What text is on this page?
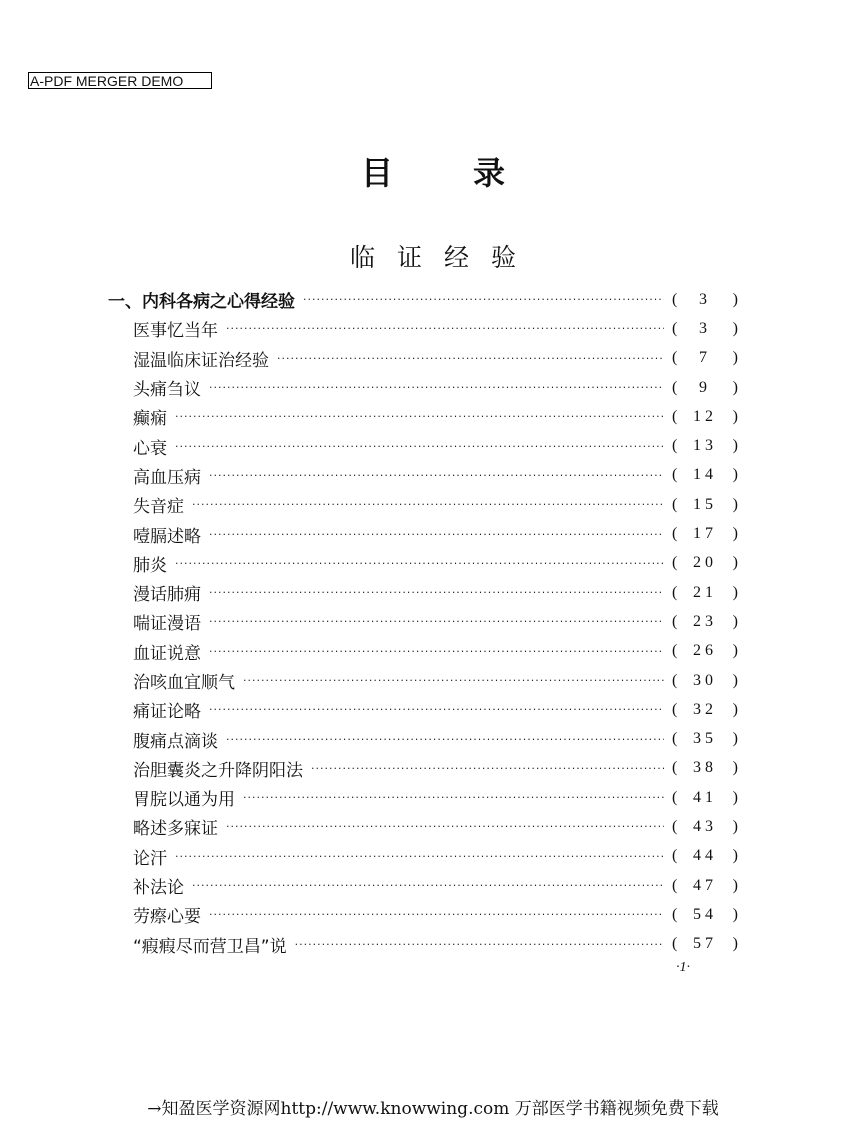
A-PDF MERGER DEMO
目录
临证经验
一、内科各病之心得经验 ·····	(	3	)
医事忆当年 ·····	(	3	)
湿温临床证治经验 ·····	(	7	)
头痛刍议 ·····	(	9	)
癫痫 ·····	( 12 )
心衰 ·····	( 13 )
高血压病 ·····	( 14 )
失音症 ·····	( 15 )
噎膈述略 ·····	( 17 )
肺炎 ·····	( 20 )
漫话肺痈 ·····	( 21 )
喘证漫语 ·····	( 23 )
血证说意 ·····	( 26 )
治咳血宜顺气 ·····	( 30 )
痛证论略 ·····	( 32 )
腹痛点滴谈 ·····	( 35 )
治胆囊炎之升降阴阳法 ·····	( 38 )
胃脘以通为用 ·····	( 41 )
略述多寐证 ·····	( 43 )
论汗 ·····	( 44 )
补法论 ·····	( 47 )
劳瘵心要 ·····	( 54 )
“瘕瘕尽而营卫昌”说 ·····	( 57 )
·1·
→知盈医学资源网http://www.knowwing.com 万部医学书籍视频免费下载
